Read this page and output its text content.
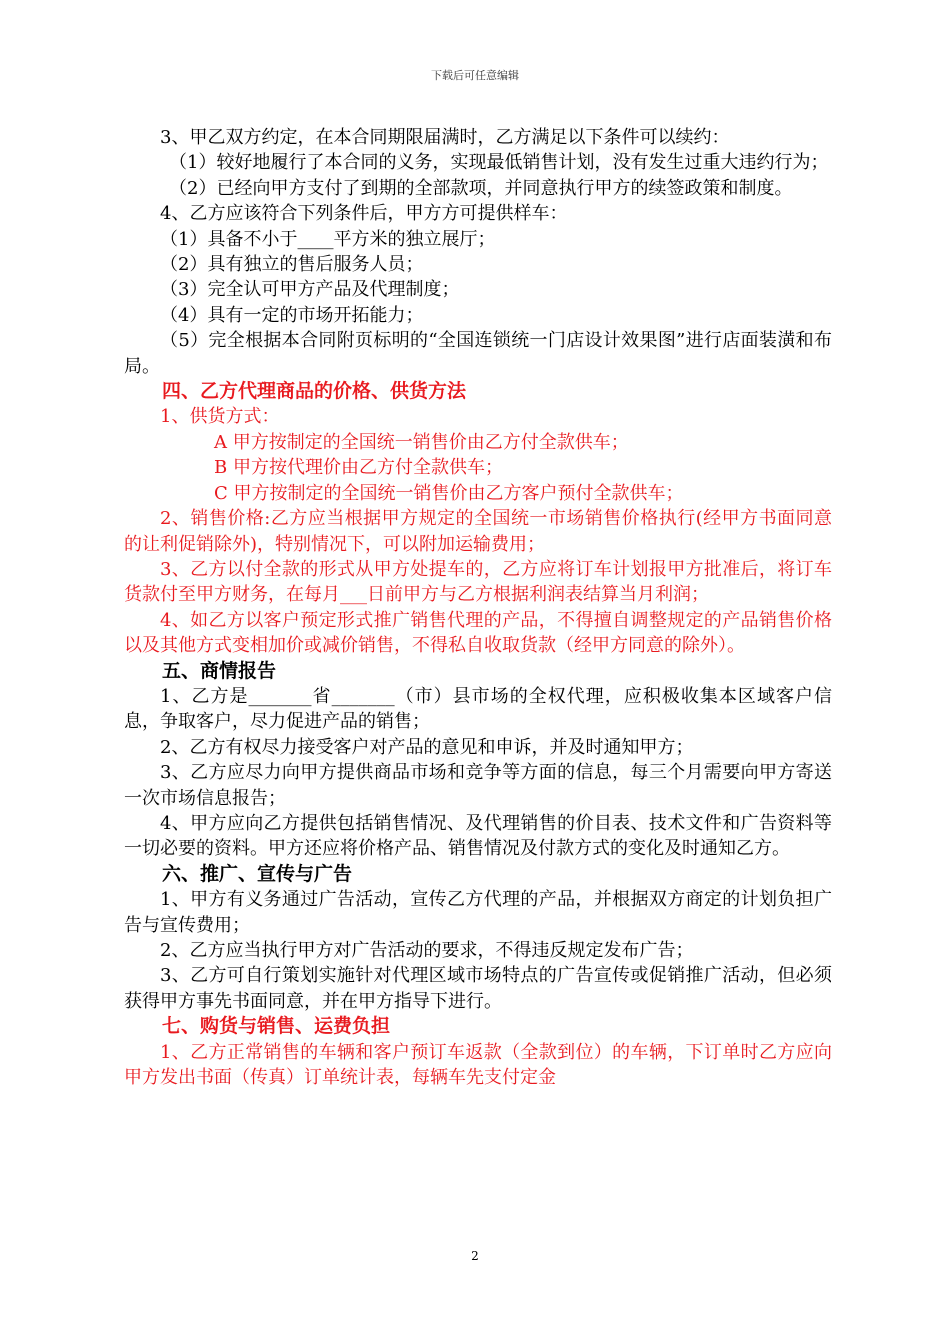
下载后可任意编辑

3、甲乙双方约定，在本合同期限届满时，乙方满足以下条件可以续约：

（1）较好地履行了本合同的义务，实现最低销售计划，没有发生过重大违约行为；

（2）已经向甲方支付了到期的全部款项，并同意执行甲方的续签政策和制度。

4、乙方应该符合下列条件后，甲方方可提供样车：

（1）具备不小于____平方米的独立展厅；

（2）具有独立的售后服务人员；

（3）完全认可甲方产品及代理制度；

（4）具有一定的市场开拓能力；

（5）完全根据本合同附页标明的“全国连锁统一门店设计效果图”进行店面装潢和布局。

四、乙方代理商品的价格、供货方法

1、供货方式：

A 甲方按制定的全国统一销售价由乙方付全款供车；

B 甲方按代理价由乙方付全款供车；

C 甲方按制定的全国统一销售价由乙方客户预付全款供车；

2、销售价格:乙方应当根据甲方规定的全国统一市场销售价格执行(经甲方书面同意的让利促销除外)，特别情况下，可以附加运输费用；

3、乙方以付全款的形式从甲方处提车的，乙方应将订车计划报甲方批准后，将订车货款付至甲方财务，在每月___日前甲方与乙方根据利润表结算当月利润；

4、如乙方以客户预定形式推广销售代理的产品，不得擅自调整规定的产品销售价格以及其他方式变相加价或减价销售，不得私自收取货款（经甲方同意的除外）。

五、商情报告

1、乙方是_______省_______（市）县市场的全权代理，应积极收集本区域客户信息，争取客户，尽力促进产品的销售；

2、乙方有权尽力接受客户对产品的意见和申诉，并及时通知甲方；

3、乙方应尽力向甲方提供商品市场和竞争等方面的信息，每三个月需要向甲方寄送一次市场信息报告；

4、甲方应向乙方提供包括销售情况、及代理销售的价目表、技术文件和广告资料等一切必要的资料。甲方还应将价格产品、销售情况及付款方式的变化及时通知乙方。

六、推广、宣传与广告

1、甲方有义务通过广告活动，宣传乙方代理的产品，并根据双方商定的计划负担广告与宣传费用；

2、乙方应当执行甲方对广告活动的要求，不得违反规定发布广告；

3、乙方可自行策划实施针对代理区域市场特点的广告宣传或促销推广活动，但必须获得甲方事先书面同意，并在甲方指导下进行。

七、购货与销售、运费负担

1、乙方正常销售的车辆和客户预订车返款（全款到位）的车辆，下订单时乙方应向甲方发出书面（传真）订单统计表，每辆车先支付定金

2
